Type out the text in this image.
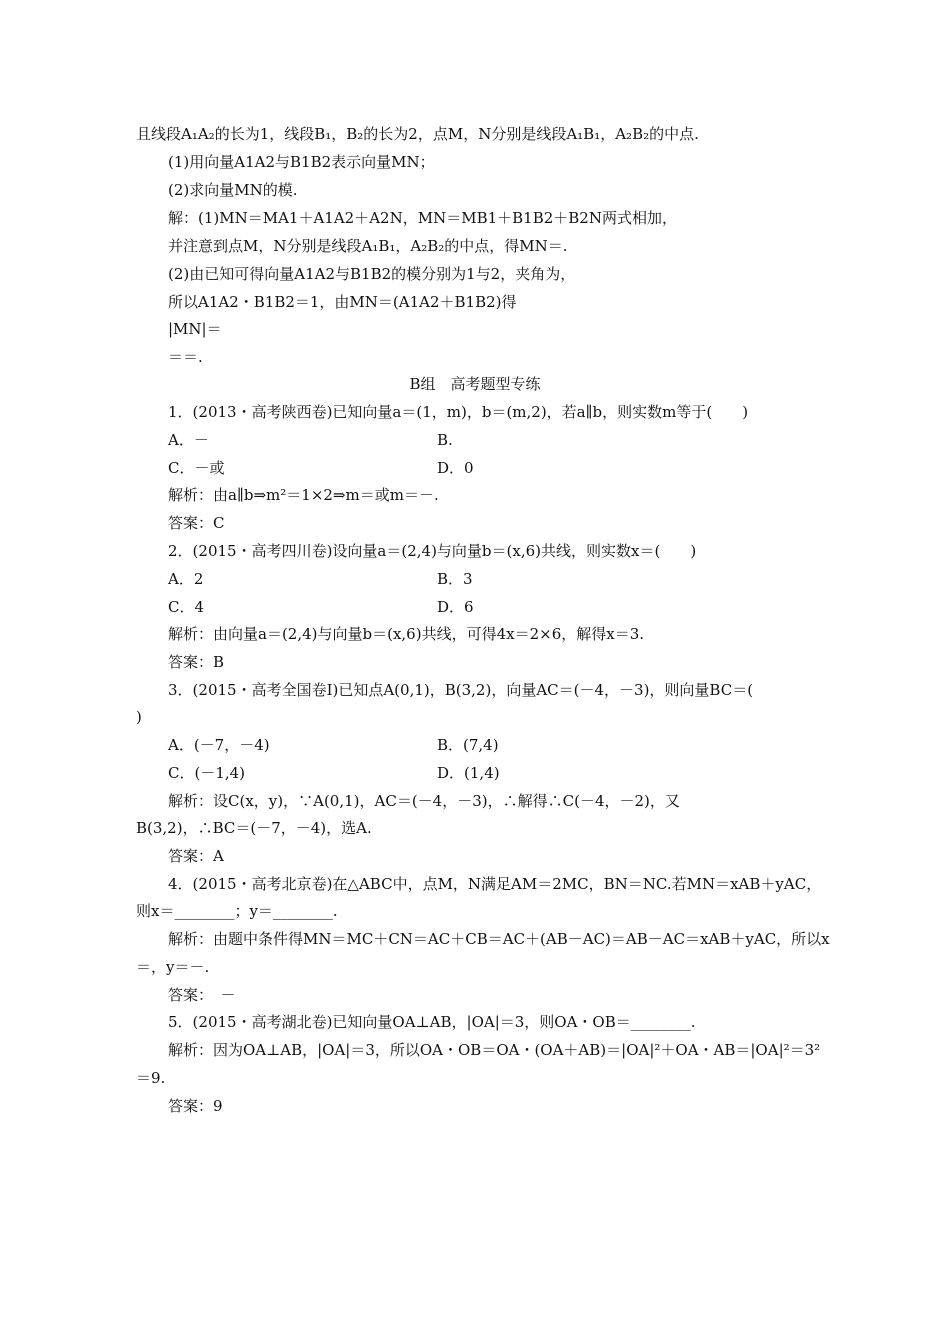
且线段A₁A₂的长为1，线段B₁，B₂的长为2，点M，N分别是线段A₁B₁，A₂B₂的中点.
(1)用向量A1A2与B1B2表示向量MN；
(2)求向量MN的模.
解：(1)MN＝MA1＋A1A2＋A2N，MN＝MB1＋B1B2＋B2N两式相加，
并注意到点M，N分别是线段A₁B₁，A₂B₂的中点，得MN＝.
(2)由已知可得向量A1A2与B1B2的模分别为1与2，夹角为，
所以A1A2・B1B2＝1，由MN＝(A1A2＋B1B2)得
|MN|＝
＝＝.
B组　高考题型专练
1．(2013・高考陕西卷)已知向量a＝(1，m)，b＝(m,2)，若a∥b，则实数m等于(　　)
A．－	B.
C．－或	D．0
解析：由a∥b⇒m²＝1×2⇒m＝或m＝－.
答案：C
2．(2015・高考四川卷)设向量a＝(2,4)与向量b＝(x,6)共线，则实数x＝(　　)
A．2	B．3
C．4	D．6
解析：由向量a＝(2,4)与向量b＝(x,6)共线，可得4x＝2×6，解得x＝3.
答案：B
3．(2015・高考全国卷Ⅰ)已知点A(0,1)，B(3,2)，向量AC＝(－4，－3)，则向量BC＝(
)
A．(－7，－4)	B．(7,4)
C．(－1,4)	D．(1,4)
解析：设C(x，y)，∵A(0,1)，AC＝(－4，－3)，∴解得∴C(－4，－2)，又
B(3,2)，∴BC＝(－7，－4)，选A.
答案：A
4．(2015・高考北京卷)在△ABC中，点M，N满足AM＝2MC，BN＝NC.若MN＝xAB＋yAC，
则x＝________；y＝________.
解析：由题中条件得MN＝MC＋CN＝AC＋CB＝AC＋(AB－AC)＝AB－AC＝xAB＋yAC，所以x
＝，y＝－.
答案：　－
5．(2015・高考湖北卷)已知向量OA⊥AB，|OA|＝3，则OA・OB＝________.
解析：因为OA⊥AB，|OA|＝3，所以OA・OB＝OA・(OA＋AB)＝|OA|²＋OA・AB＝|OA|²＝3²
＝9.
答案：9
